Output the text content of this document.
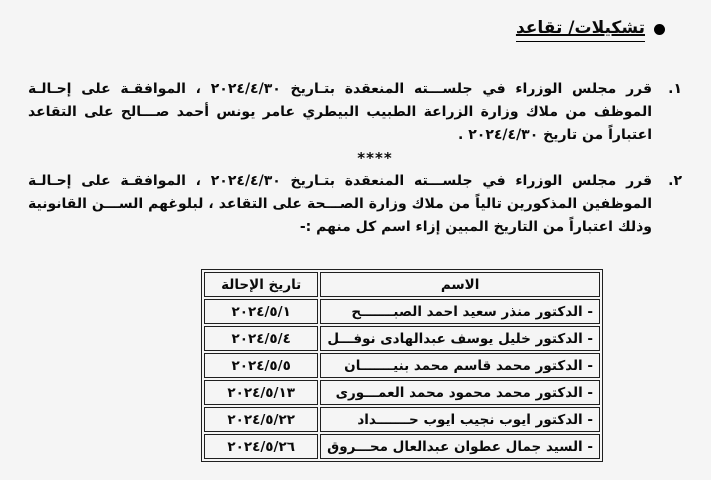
تشكيلات/ تقاعد
١.
قرر مجلس الوزراء في جلســـته المنعقدة بتـاريخ ٢٠٢٤/٤/٣٠ ، الموافقـة على إحـالـة الموظف من ملاك وزارة الزراعة الطبيب البيطري عامر يونس أحمد صـــالح على التقاعد اعتباراً من تاريخ ٢٠٢٤/٤/٣٠ .
****
٢.
قرر مجلس الوزراء في جلســـته المنعقدة بتـاريخ ٢٠٢٤/٤/٣٠ ، الموافقـة على إحـالـة الموظفين المذكورين تالياً من ملاك وزارة الصـــحة على التقاعد ، لبلوغهم الســـن القانونية وذلك اعتباراً من التاريخ المبين إزاء اسم كل منهم :-
الاسم	تاريخ الإحالة
- الدكتور منذر سعيد احمد الصبـــــــح	٢٠٢٤/٥/١
- الدكتور خليل يوسف عبدالهادى نوفـــل	٢٠٢٤/٥/٤
- الدكتور محمد قاسم محمد بنيـــــــان	٢٠٢٤/٥/٥
- الدكتور محمد محمود محمد العمـــورى	٢٠٢٤/٥/١٣
- الدكتور ايوب نجيب ايوب حـــــــداد	٢٠٢٤/٥/٢٢
- السيد جمال عطوان عبدالعال محـــروق	٢٠٢٤/٥/٢٦
